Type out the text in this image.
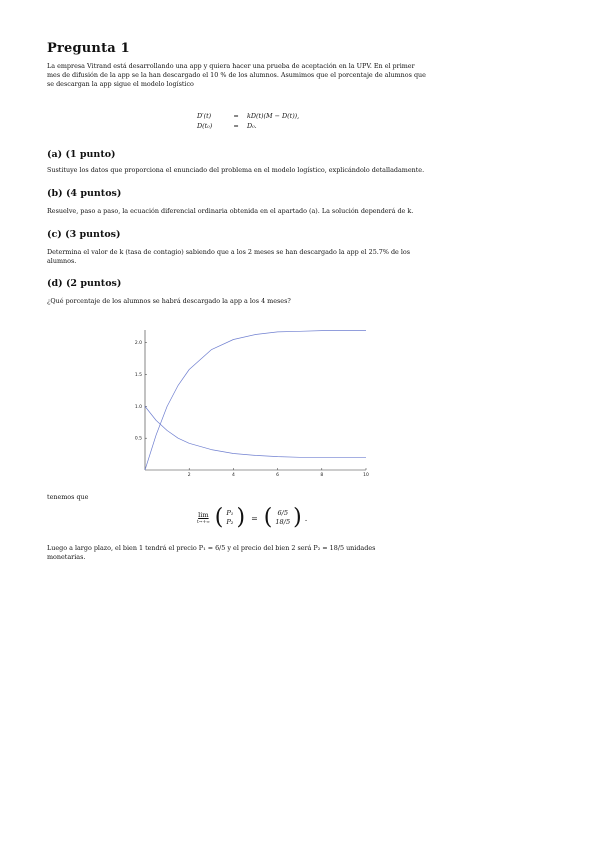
Pregunta 1
La empresa Vitrand está desarrollando una app y quiera hacer una prueba de aceptación en la UPV. En el primer
mes de difusión de la app se la han descargado el 10 % de los alumnos. Asumimos que el porcentaje de alumnos que
se descargan la app sigue el modelo logístico
D′(t)	=	kD(t)(M − D(t)),
D(t₀)	=	D₀.
(a) (1 punto)
Sustituye los datos que proporciona el enunciado del problema en el modelo logístico, explicándolo detalladamente.
(b) (4 puntos)
Resuelve, paso a paso, la ecuación diferencial ordinaria obtenida en el apartado (a). La solución dependerá de k.
(c) (3 puntos)
Determina el valor de k (tasa de contagio) sabiendo que a los 2 meses se han descargado la app el 25.7% de los
alumnos.
(d) (2 puntos)
¿Qué porcentaje de los alumnos se habrá descargado la app a los 4 meses?
2	4	6	8	10
0.5
1.0
1.5
2.0
tenemos que
lim
t→+∞ ( P₁
P₂ ) = ( 6/5
18/5 ) .
Luego a largo plazo, el bien 1 tendrá el precio P₁ = 6/5 y el precio del bien 2 será P₂ = 18/5 unidades
monetarias.
